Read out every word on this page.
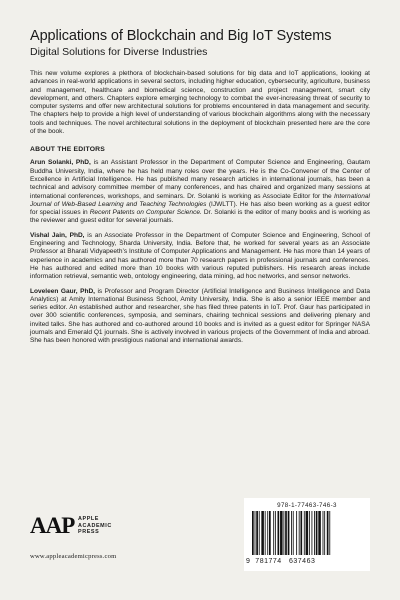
Applications of Blockchain and Big IoT Systems
Digital Solutions for Diverse Industries
This new volume explores a plethora of blockchain-based solutions for big data and IoT applications, looking at advances in real-world applications in several sectors, including higher education, cybersecurity, agriculture, business and management, healthcare and biomedical science, construction and project management, smart city development, and others. Chapters explore emerging technology to combat the ever-increasing threat of security to computer systems and offer new architectural solutions for problems encountered in data management and security. The chapters help to provide a high level of understanding of various blockchain algorithms along with the necessary tools and techniques. The novel architectural solutions in the deployment of blockchain presented here are the core of the book.
ABOUT THE EDITORS
Arun Solanki, PhD, is an Assistant Professor in the Department of Computer Science and Engineering, Gautam Buddha University, India, where he has held many roles over the years. He is the Co-Convener of the Center of Excellence in Artificial Intelligence. He has published many research articles in international journals, has been a technical and advisory committee member of many conferences, and has chaired and organized many sessions at international conferences, workshops, and seminars. Dr. Solanki is working as Associate Editor for the International Journal of Web-Based Learning and Teaching Technologies (IJWLTT). He has also been working as a guest editor for special issues in Recent Patents on Computer Science. Dr. Solanki is the editor of many books and is working as the reviewer and guest editor for several journals.
Vishal Jain, PhD, is an Associate Professor in the Department of Computer Science and Engineering, School of Engineering and Technology, Sharda University, India. Before that, he worked for several years as an Associate Professor at Bharati Vidyapeeth’s Institute of Computer Applications and Management. He has more than 14 years of experience in academics and has authored more than 70 research papers in professional journals and conferences. He has authored and edited more than 10 books with various reputed publishers. His research areas include information retrieval, semantic web, ontology engineering, data mining, ad hoc networks, and sensor networks.
Loveleen Gaur, PhD, is Professor and Program Director (Artificial Intelligence and Business Intelligence and Data Analytics) at Amity International Business School, Amity University, India. She is also a senior IEEE member and series editor. An established author and researcher, she has filed three patents in IoT. Prof. Gaur has participated in over 300 scientific conferences, symposia, and seminars, chairing technical sessions and delivering plenary and invited talks. She has authored and co-authored around 10 books and is invited as a guest editor for Springer NASA journals and Emerald Q1 journals. She is actively involved in various projects of the Government of India and abroad. She has been honored with prestigious national and international awards.
AAP APPLE
ACADEMIC
PRESS
www.appleacademicpress.com
978-1-77463-746-3
9 781774 637463
